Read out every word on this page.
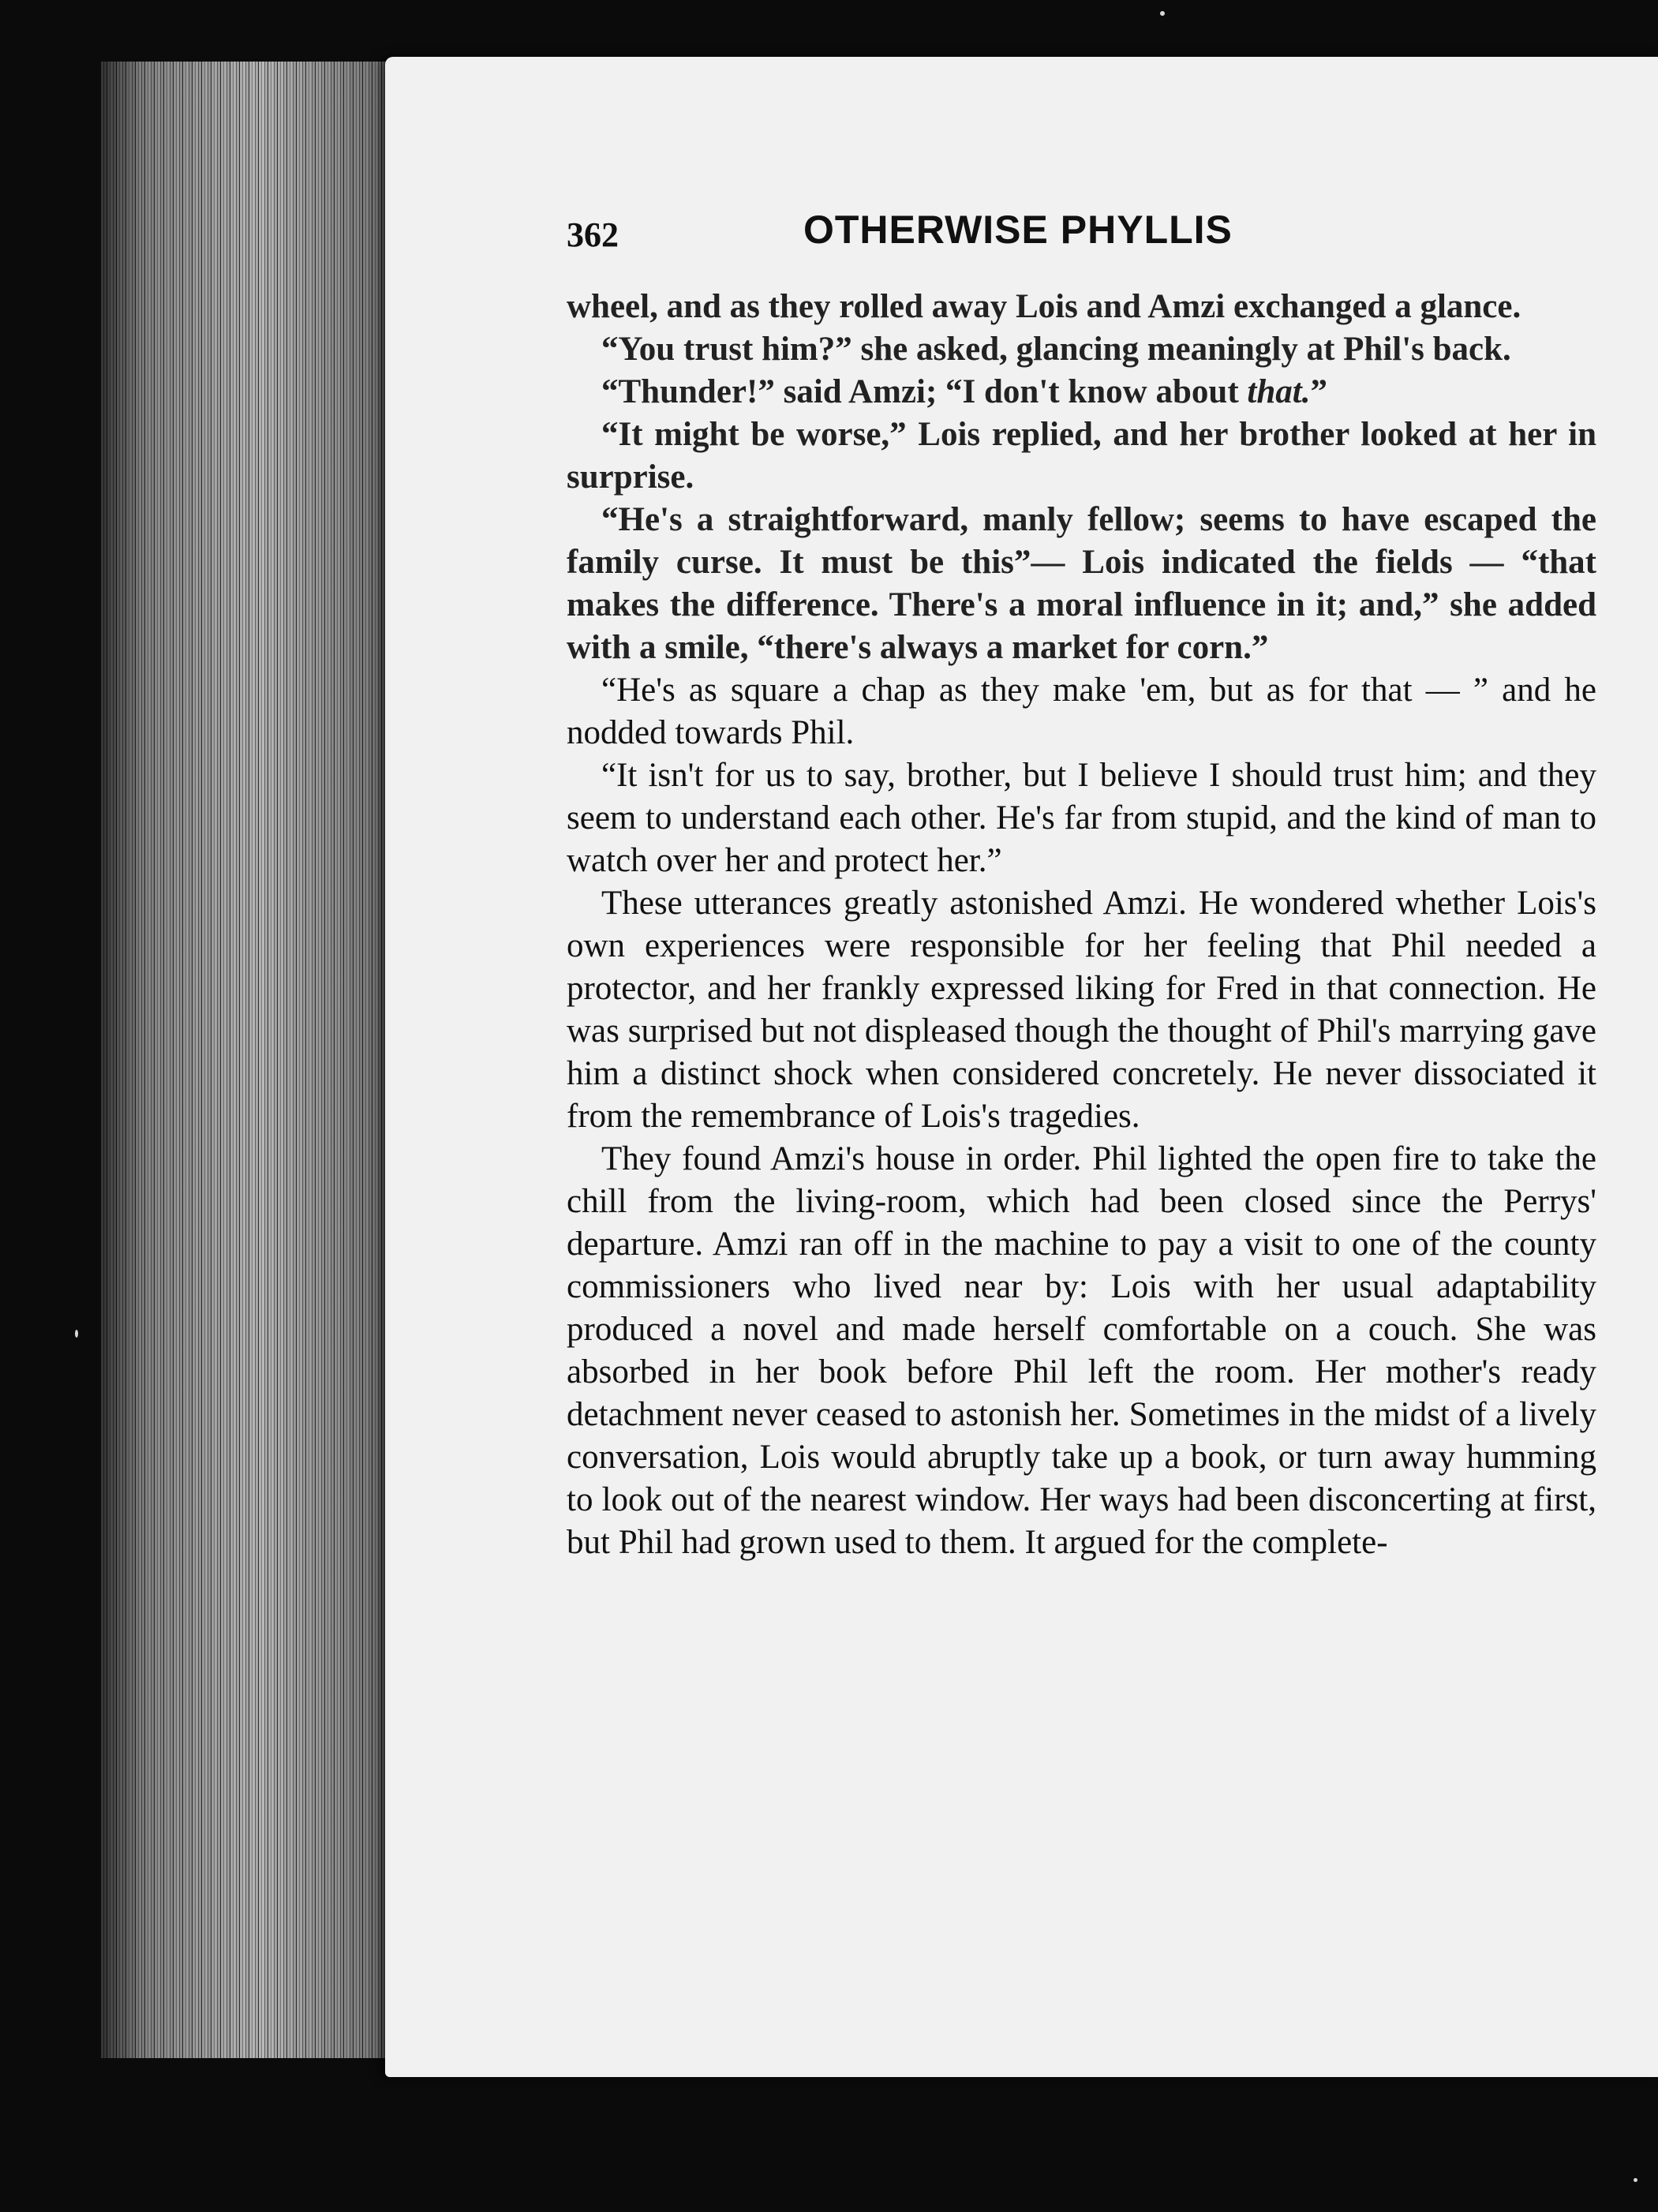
362	OTHERWISE PHYLLIS

wheel, and as they rolled away Lois and Amzi exchanged a glance.

“You trust him?” she asked, glancing meaningly at Phil's back.

“Thunder!” said Amzi; “I don't know about that.”

“It might be worse,” Lois replied, and her brother looked at her in surprise.

“He's a straightforward, manly fellow; seems to have escaped the family curse. It must be this”— Lois indicated the fields — “that makes the difference. There's a moral influence in it; and,” she added with a smile, “there's always a market for corn.”

“He's as square a chap as they make 'em, but as for that — ” and he nodded towards Phil.

“It isn't for us to say, brother, but I believe I should trust him; and they seem to understand each other. He's far from stupid, and the kind of man to watch over her and protect her.”

These utterances greatly astonished Amzi. He wondered whether Lois's own experiences were responsible for her feeling that Phil needed a protector, and her frankly expressed liking for Fred in that connection. He was surprised but not displeased though the thought of Phil's marrying gave him a distinct shock when considered concretely. He never dissociated it from the remembrance of Lois's tragedies.

They found Amzi's house in order. Phil lighted the open fire to take the chill from the living-room, which had been closed since the Perrys' departure. Amzi ran off in the machine to pay a visit to one of the county commissioners who lived near by: Lois with her usual adaptability produced a novel and made herself comfortable on a couch. She was absorbed in her book before Phil left the room. Her mother's ready detachment never ceased to astonish her. Sometimes in the midst of a lively conversation, Lois would abruptly take up a book, or turn away humming to look out of the nearest window. Her ways had been disconcerting at first, but Phil had grown used to them. It argued for the complete-
